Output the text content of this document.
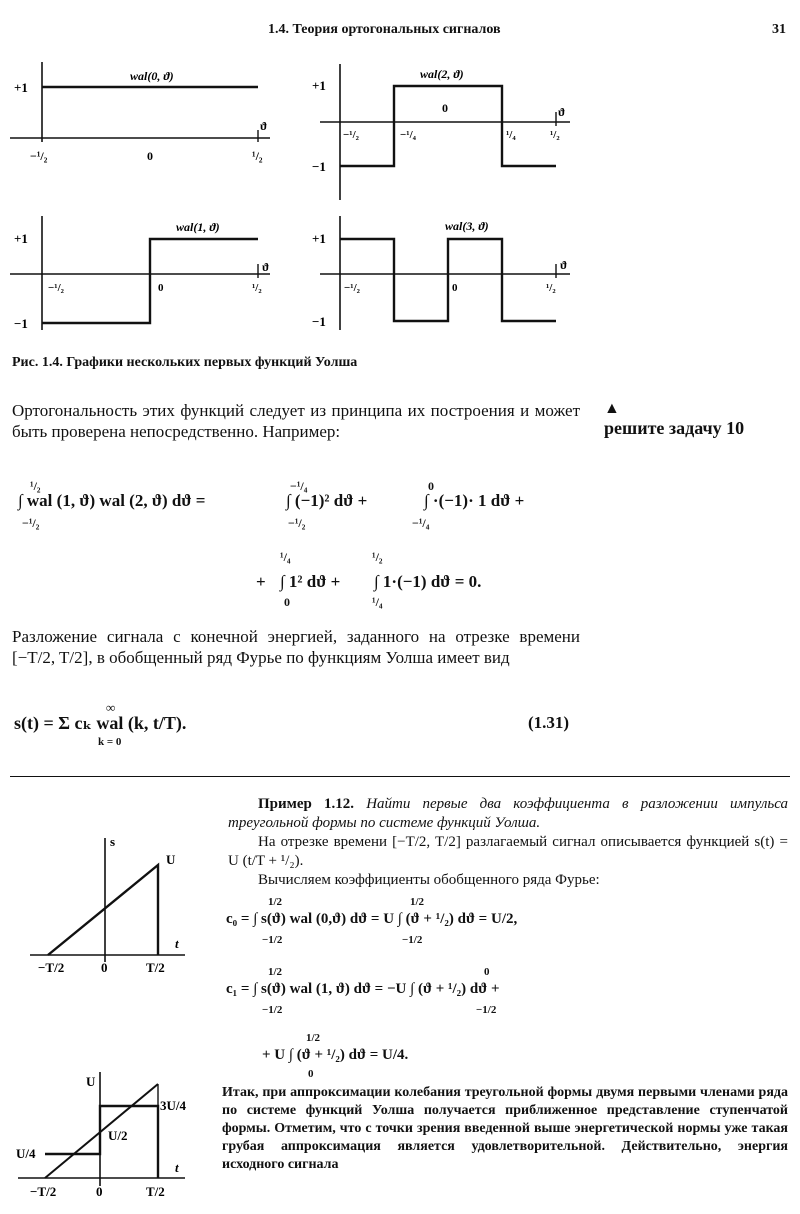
1.4. Теория ортогональных сигналов	31
+1
wal(0, ϑ)
ϑ
−¹/₂	0	¹/₂
+1
−1
wal(2, ϑ)
0	ϑ
−¹/₂	−¹/₄	¹/₄	¹/₂
+1
−1
wal(1, ϑ)
ϑ
−¹/₂	0	¹/₂
+1
−1
wal(3, ϑ)
ϑ
−¹/₂	0	¹/₂
Рис. 1.4. Графики нескольких первых функций Уолша
Ортогональность этих функций следует из принципа их построения и может быть проверена непосредственно. Например:
▲
решите задачу 10
¹/₂
∫ wal (1, ϑ) wal (2, ϑ) dϑ =
−¹/₂
−¹/₄
∫ (−1)² dϑ +
−¹/₂
0
∫ ·(−1)· 1 dϑ +
−¹/₄
+
¹/₄
∫ 1² dϑ +
0
¹/₂
∫ 1·(−1) dϑ = 0.
¹/₄
Разложение сигнала с конечной энергией, заданного на отрезке времени [−T/2, T/2], в обобщенный ряд Фурье по функциям Уолша имеет вид
∞
s(t) = Σ cₖ wal (k, t/T).
k = 0
(1.31)
Пример 1.12. Найти первые два коэффициента в разложении импульса треугольной формы по системе функций Уолша.
На отрезке времени [−T/2, T/2] разлагаемый сигнал описывается функцией s(t) = U (t/T + ¹/₂).
Вычисляем коэффициенты обобщенного ряда Фурье:
1/2	1/2
c₀ = ∫ s(ϑ) wal (0,ϑ) dϑ = U ∫ (ϑ + ¹/₂) dϑ = U/2,
−1/2	−1/2
1/2	0
c₁ = ∫ s(ϑ) wal (1, ϑ) dϑ = −U ∫ (ϑ + ¹/₂) dϑ +
−1/2	−1/2
1/2
+ U ∫ (ϑ + ¹/₂) dϑ = U/4.
0
Итак, при аппроксимации колебания треугольной формы двумя первыми членами ряда по системе функций Уолша получается приближенное представление ступенчатой формы. Отметим, что с точки зрения введенной выше энергетической нормы уже такая грубая аппроксимация является удовлетворительной. Действительно, энергия исходного сигнала
s
U
t
−T/2	0	T/2
U
3U/4
U/2
U/4
t
−T/2	0	T/2
